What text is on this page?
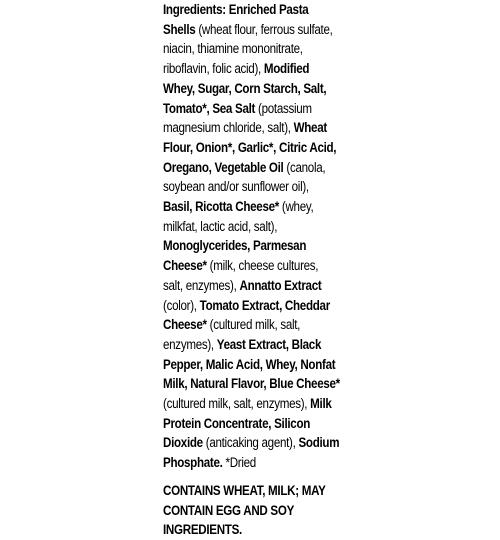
Ingredients: Enriched Pasta Shells (wheat flour, ferrous sulfate, niacin, thiamine mononitrate, riboflavin, folic acid), Modified Whey, Sugar, Corn Starch, Salt, Tomato*, Sea Salt (potassium magnesium chloride, salt), Wheat Flour, Onion*, Garlic*, Citric Acid, Oregano, Vegetable Oil (canola, soybean and/or sunflower oil), Basil, Ricotta Cheese* (whey, milkfat, lactic acid, salt), Monoglycerides, Parmesan Cheese* (milk, cheese cultures, salt, enzymes), Annatto Extract (color), Tomato Extract, Cheddar Cheese* (cultured milk, salt, enzymes), Yeast Extract, Black Pepper, Malic Acid, Whey, Nonfat Milk, Natural Flavor, Blue Cheese* (cultured milk, salt, enzymes), Milk Protein Concentrate, Silicon Dioxide (anticaking agent), Sodium Phosphate. *Dried

CONTAINS WHEAT, MILK; MAY CONTAIN EGG AND SOY INGREDIENTS.
